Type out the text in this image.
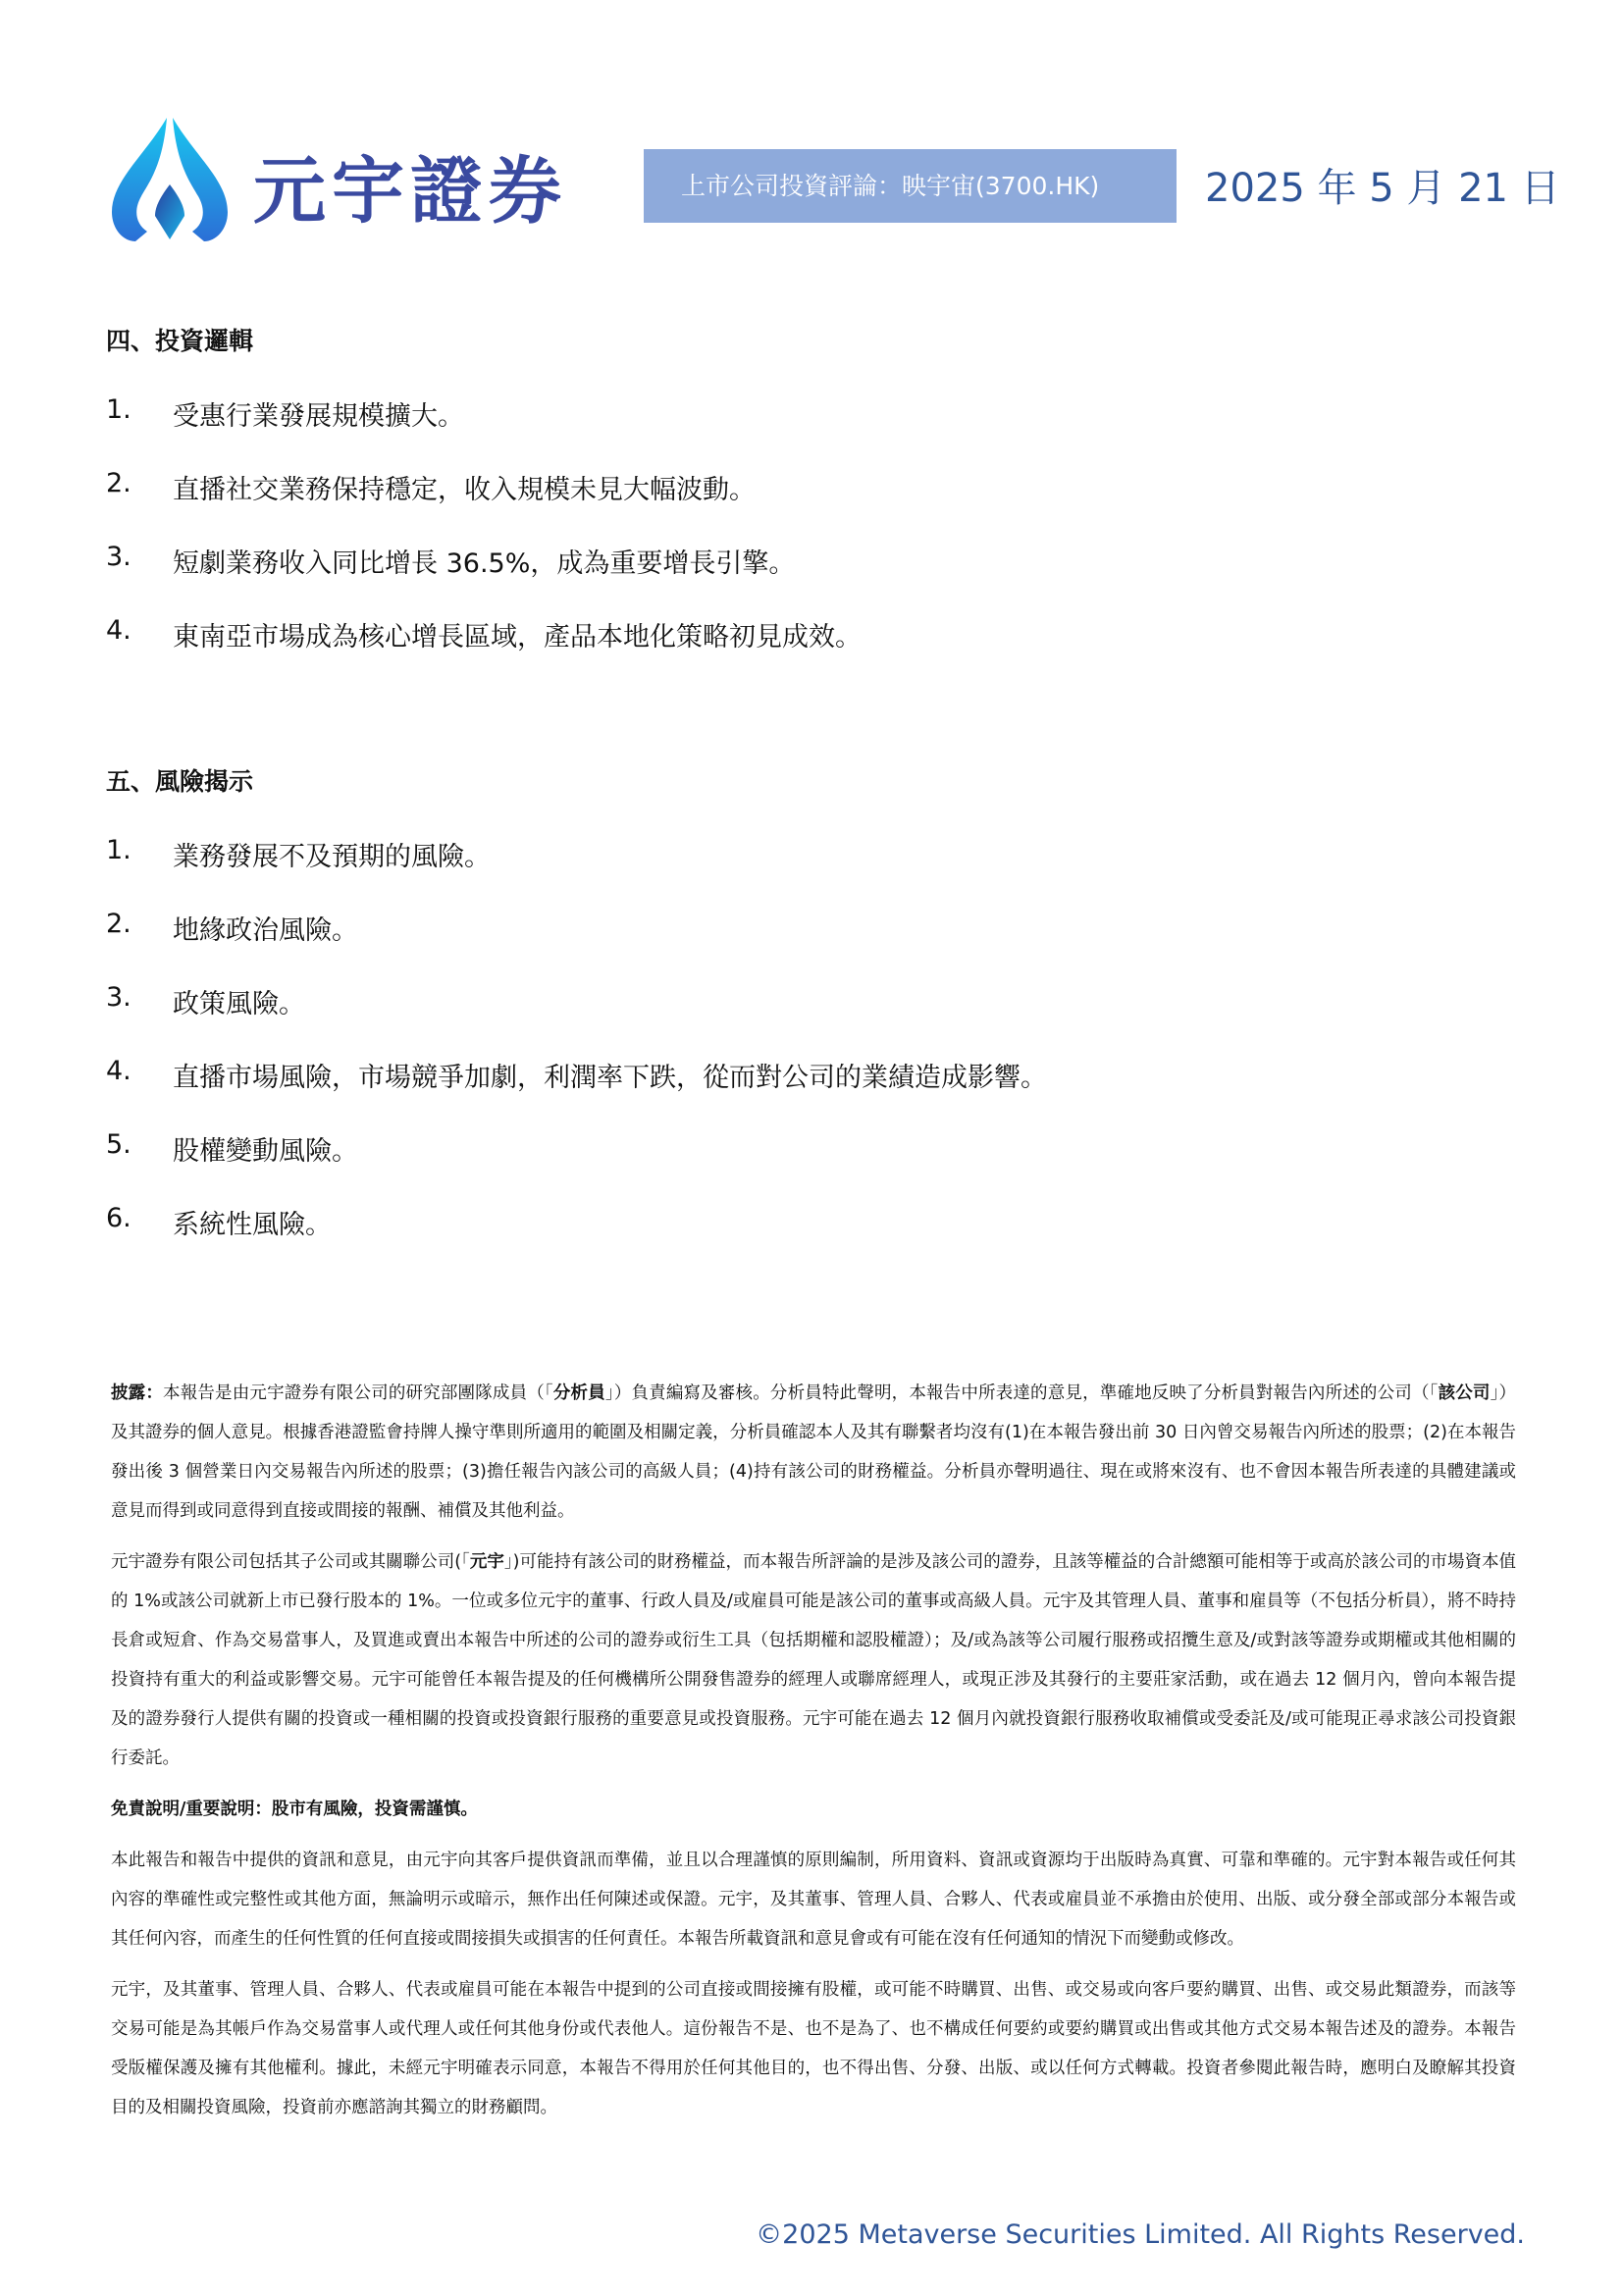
元宇證券	上市公司投資評論：映宇宙(3700.HK)	2025 年 5 月 21 日
四、投資邏輯
1. 受惠行業發展規模擴大。
2. 直播社交業務保持穩定，收入規模未見大幅波動。
3. 短劇業務收入同比增長 36.5%，成為重要增長引擎。
4. 東南亞市場成為核心增長區域，產品本地化策略初見成效。
五、風險揭示
1. 業務發展不及預期的風險。
2. 地緣政治風險。
3. 政策風險。
4. 直播市場風險，市場競爭加劇，利潤率下跌，從而對公司的業績造成影響。
5. 股權變動風險。
6. 系統性風險。

披露：本報告是由元宇證券有限公司的研究部團隊成員（「分析員」）負責編寫及審核。分析員特此聲明，本報告中所表達的意見，準確地反映了分析員對報告內所述的公司（「該公司」）及其證券的個人意見。根據香港證監會持牌人操守準則所適用的範圍及相關定義，分析員確認本人及其有聯繫者均沒有(1)在本報告發出前 30 日內曾交易報告內所述的股票；(2)在本報告發出後 3 個營業日內交易報告內所述的股票；(3)擔任報告內該公司的高級人員；(4)持有該公司的財務權益。分析員亦聲明過往、現在或將來沒有、也不會因本報告所表達的具體建議或意見而得到或同意得到直接或間接的報酬、補償及其他利益。

元宇證券有限公司包括其子公司或其關聯公司(「元宇」)可能持有該公司的財務權益，而本報告所評論的是涉及該公司的證券，且該等權益的合計總額可能相等于或高於該公司的市場資本值的 1%或該公司就新上市已發行股本的 1%。一位或多位元宇的董事、行政人員及/或雇員可能是該公司的董事或高級人員。元宇及其管理人員、董事和雇員等（不包括分析員），將不時持長倉或短倉、作為交易當事人，及買進或賣出本報告中所述的公司的證券或衍生工具（包括期權和認股權證）；及/或為該等公司履行服務或招攬生意及/或對該等證券或期權或其他相關的投資持有重大的利益或影響交易。元宇可能曾任本報告提及的任何機構所公開發售證券的經理人或聯席經理人，或現正涉及其發行的主要莊家活動，或在過去 12 個月內，曾向本報告提及的證券發行人提供有關的投資或一種相關的投資或投資銀行服務的重要意見或投資服務。元宇可能在過去 12 個月內就投資銀行服務收取補償或受委託及/或可能現正尋求該公司投資銀行委託。

免責說明/重要說明：股市有風險，投資需謹慎。

本此報告和報告中提供的資訊和意見，由元宇向其客戶提供資訊而準備，並且以合理謹慎的原則編制，所用資料、資訊或資源均于出版時為真實、可靠和準確的。元宇對本報告或任何其內容的準確性或完整性或其他方面，無論明示或暗示，無作出任何陳述或保證。元宇，及其董事、管理人員、合夥人、代表或雇員並不承擔由於使用、出版、或分發全部或部分本報告或其任何內容，而產生的任何性質的任何直接或間接損失或損害的任何責任。本報告所載資訊和意見會或有可能在沒有任何通知的情況下而變動或修改。

元宇，及其董事、管理人員、合夥人、代表或雇員可能在本報告中提到的公司直接或間接擁有股權，或可能不時購買、出售、或交易或向客戶要約購買、出售、或交易此類證券，而該等交易可能是為其帳戶作為交易當事人或代理人或任何其他身份或代表他人。這份報告不是、也不是為了、也不構成任何要約或要約購買或出售或其他方式交易本報告述及的證券。本報告受版權保護及擁有其他權利。據此，未經元宇明確表示同意，本報告不得用於任何其他目的，也不得出售、分發、出版、或以任何方式轉載。投資者參閱此報告時，應明白及瞭解其投資目的及相關投資風險，投資前亦應諮詢其獨立的財務顧問。

©2025 Metaverse Securities Limited. All Rights Reserved.
